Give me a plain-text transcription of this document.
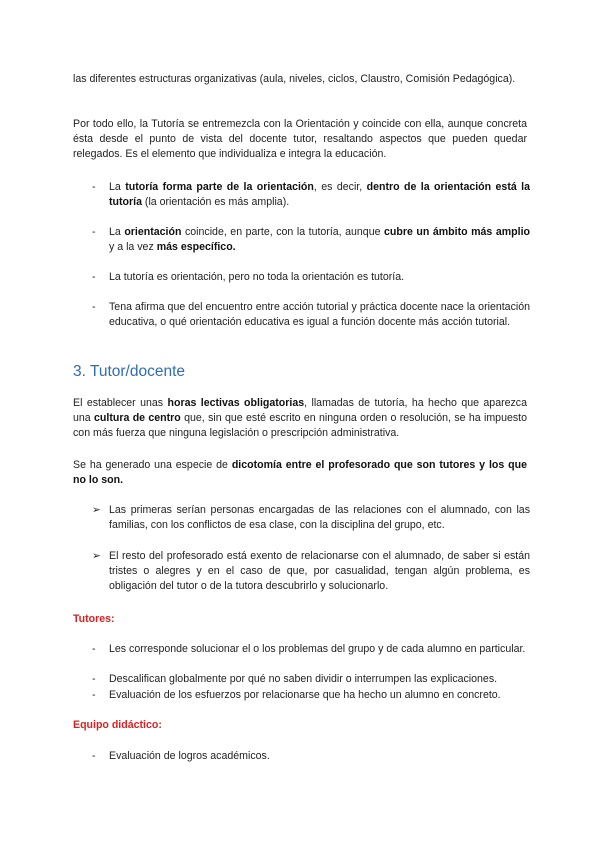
las diferentes estructuras organizativas (aula, niveles, ciclos, Claustro, Comisión Pedagógica).

Por todo ello, la Tutoría se entremezcla con la Orientación y coincide con ella, aunque concreta ésta desde el punto de vista del docente tutor, resaltando aspectos que pueden quedar relegados. Es el elemento que individualiza e integra la educación.

- La tutoría forma parte de la orientación, es decir, dentro de la orientación está la tutoría (la orientación es más amplia).
- La orientación coincide, en parte, con la tutoría, aunque cubre un ámbito más amplio y a la vez más específico.
- La tutoría es orientación, pero no toda la orientación es tutoría.
- Tena afirma que del encuentro entre acción tutorial y práctica docente nace la orientación educativa, o qué orientación educativa es igual a función docente más acción tutorial.
3. Tutor/docente

El establecer unas horas lectivas obligatorias, llamadas de tutoría, ha hecho que aparezca una cultura de centro que, sin que esté escrito en ninguna orden o resolución, se ha impuesto con más fuerza que ninguna legislación o prescripción administrativa.

Se ha generado una especie de dicotomía entre el profesorado que son tutores y los que no lo son.

➢ Las primeras serían personas encargadas de las relaciones con el alumnado, con las familias, con los conflictos de esa clase, con la disciplina del grupo, etc.
➢ El resto del profesorado está exento de relacionarse con el alumnado, de saber si están tristes o alegres y en el caso de que, por casualidad, tengan algún problema, es obligación del tutor o de la tutora descubrirlo y solucionarlo.
Tutores:
- Les corresponde solucionar el o los problemas del grupo y de cada alumno en particular.
- Descalifican globalmente por qué no saben dividir o interrumpen las explicaciones.
- Evaluación de los esfuerzos por relacionarse que ha hecho un alumno en concreto.
Equipo didáctico:
- Evaluación de logros académicos.
